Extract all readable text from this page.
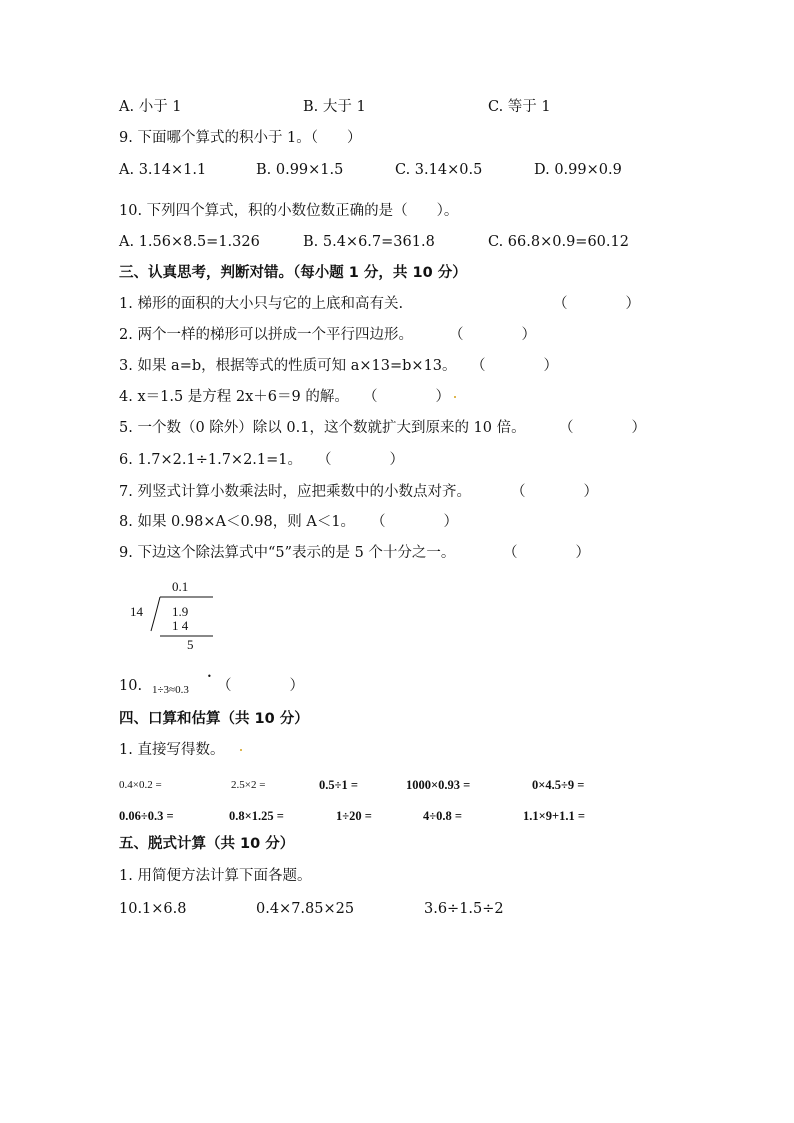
A. 小于 1	B. 大于 1	C. 等于 1
9. 下面哪个算式的积小于 1。（　　）
A. 3.14×1.1	B. 0.99×1.5	C. 3.14×0.5	D. 0.99×0.9
10. 下列四个算式，积的小数位数正确的是（　　）。
A. 1.56×8.5=1.326	B. 5.4×6.7=361.8	C. 66.8×0.9=60.12
三、认真思考，判断对错。（每小题 1 分，共 10 分）
1. 梯形的面积的大小只与它的上底和高有关.	（　　　　）
2. 两个一样的梯形可以拼成一个平行四边形。 （　　　　）
3. 如果 a=b，根据等式的性质可知 a×13=b×13。 （　　　　）
4. x＝1.5 是方程 2x＋6＝9 的解。 （　　　　）
5. 一个数（0 除外）除以 0.1，这个数就扩大到原来的 10 倍。 （　　　　）
6. 1.7×2.1÷1.7×2.1=1。 （　　　　）
7. 列竖式计算小数乘法时，应把乘数中的小数点对齐。	（　　　　）
8. 如果 0.98×A＜0.98，则 A＜1。 （　　　　）
9. 下边这个除法算式中“5”表示的是 5 个十分之一。	（　　　　）
0.1
14 1.9
1 4
5
10. 1÷3≈0.3
•
（　　　　）
四、口算和估算（共 10 分）
1. 直接写得数。
0.4×0.2 =	2.5×2 =	0.5÷1 =	1000×0.93 =	0×4.5÷9 =
0.06÷0.3 =	0.8×1.25 =	1÷20 =	4÷0.8 =	1.1×9+1.1 =
五、脱式计算（共 10 分）
1. 用简便方法计算下面各题。
10.1×6.8	0.4×7.85×25	3.6÷1.5÷2
